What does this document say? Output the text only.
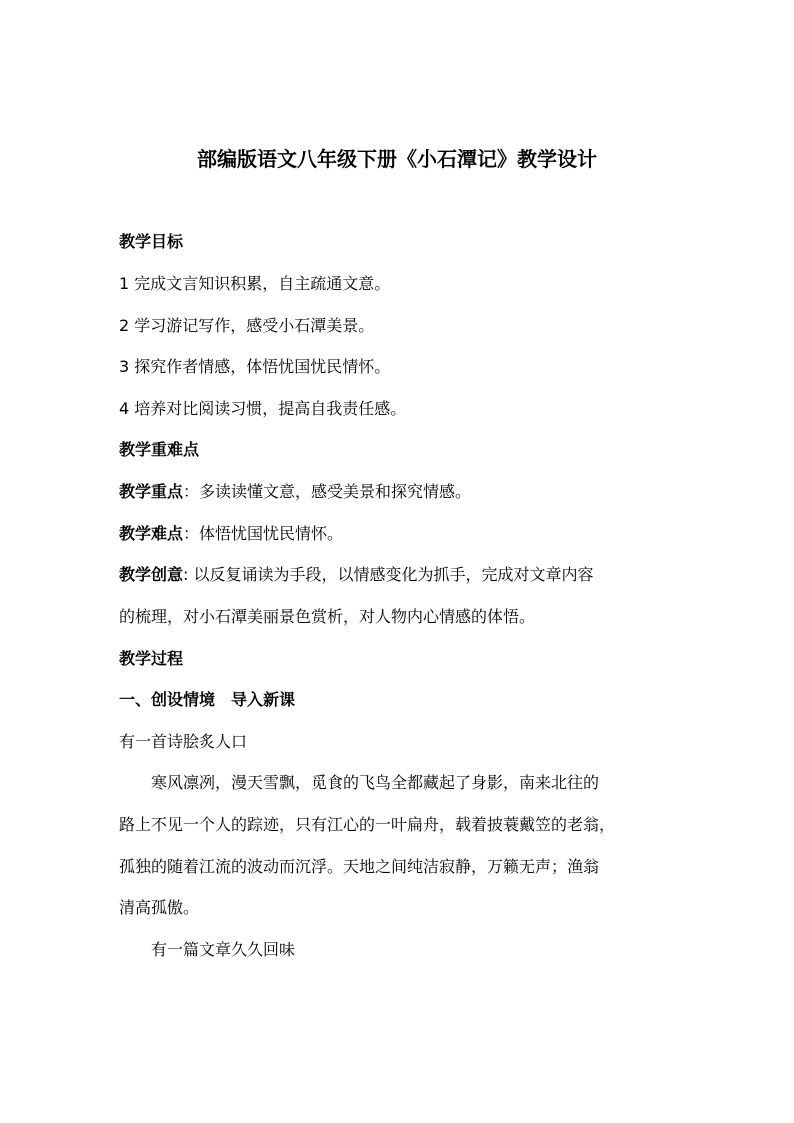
部编版语文八年级下册《小石潭记》教学设计
教学目标
1 完成文言知识积累，自主疏通文意。
2 学习游记写作，感受小石潭美景。
3 探究作者情感，体悟忧国忧民情怀。
4 培养对比阅读习惯，提高自我责任感。
教学重难点
教学重点：多读读懂文意，感受美景和探究情感。
教学难点：体悟忧国忧民情怀。
教学创意: 以反复诵读为手段，以情感变化为抓手，完成对文章内容
的梳理，对小石潭美丽景色赏析，对人物内心情感的体悟。
教学过程
一、创设情境　导入新课
有一首诗脍炙人口
寒风凛冽，漫天雪飘，觅食的飞鸟全都藏起了身影，南来北往的
路上不见一个人的踪迹，只有江心的一叶扁舟，载着披蓑戴笠的老翁，
孤独的随着江流的波动而沉浮。天地之间纯洁寂静，万籁无声；渔翁
清高孤傲。
有一篇文章久久回味
